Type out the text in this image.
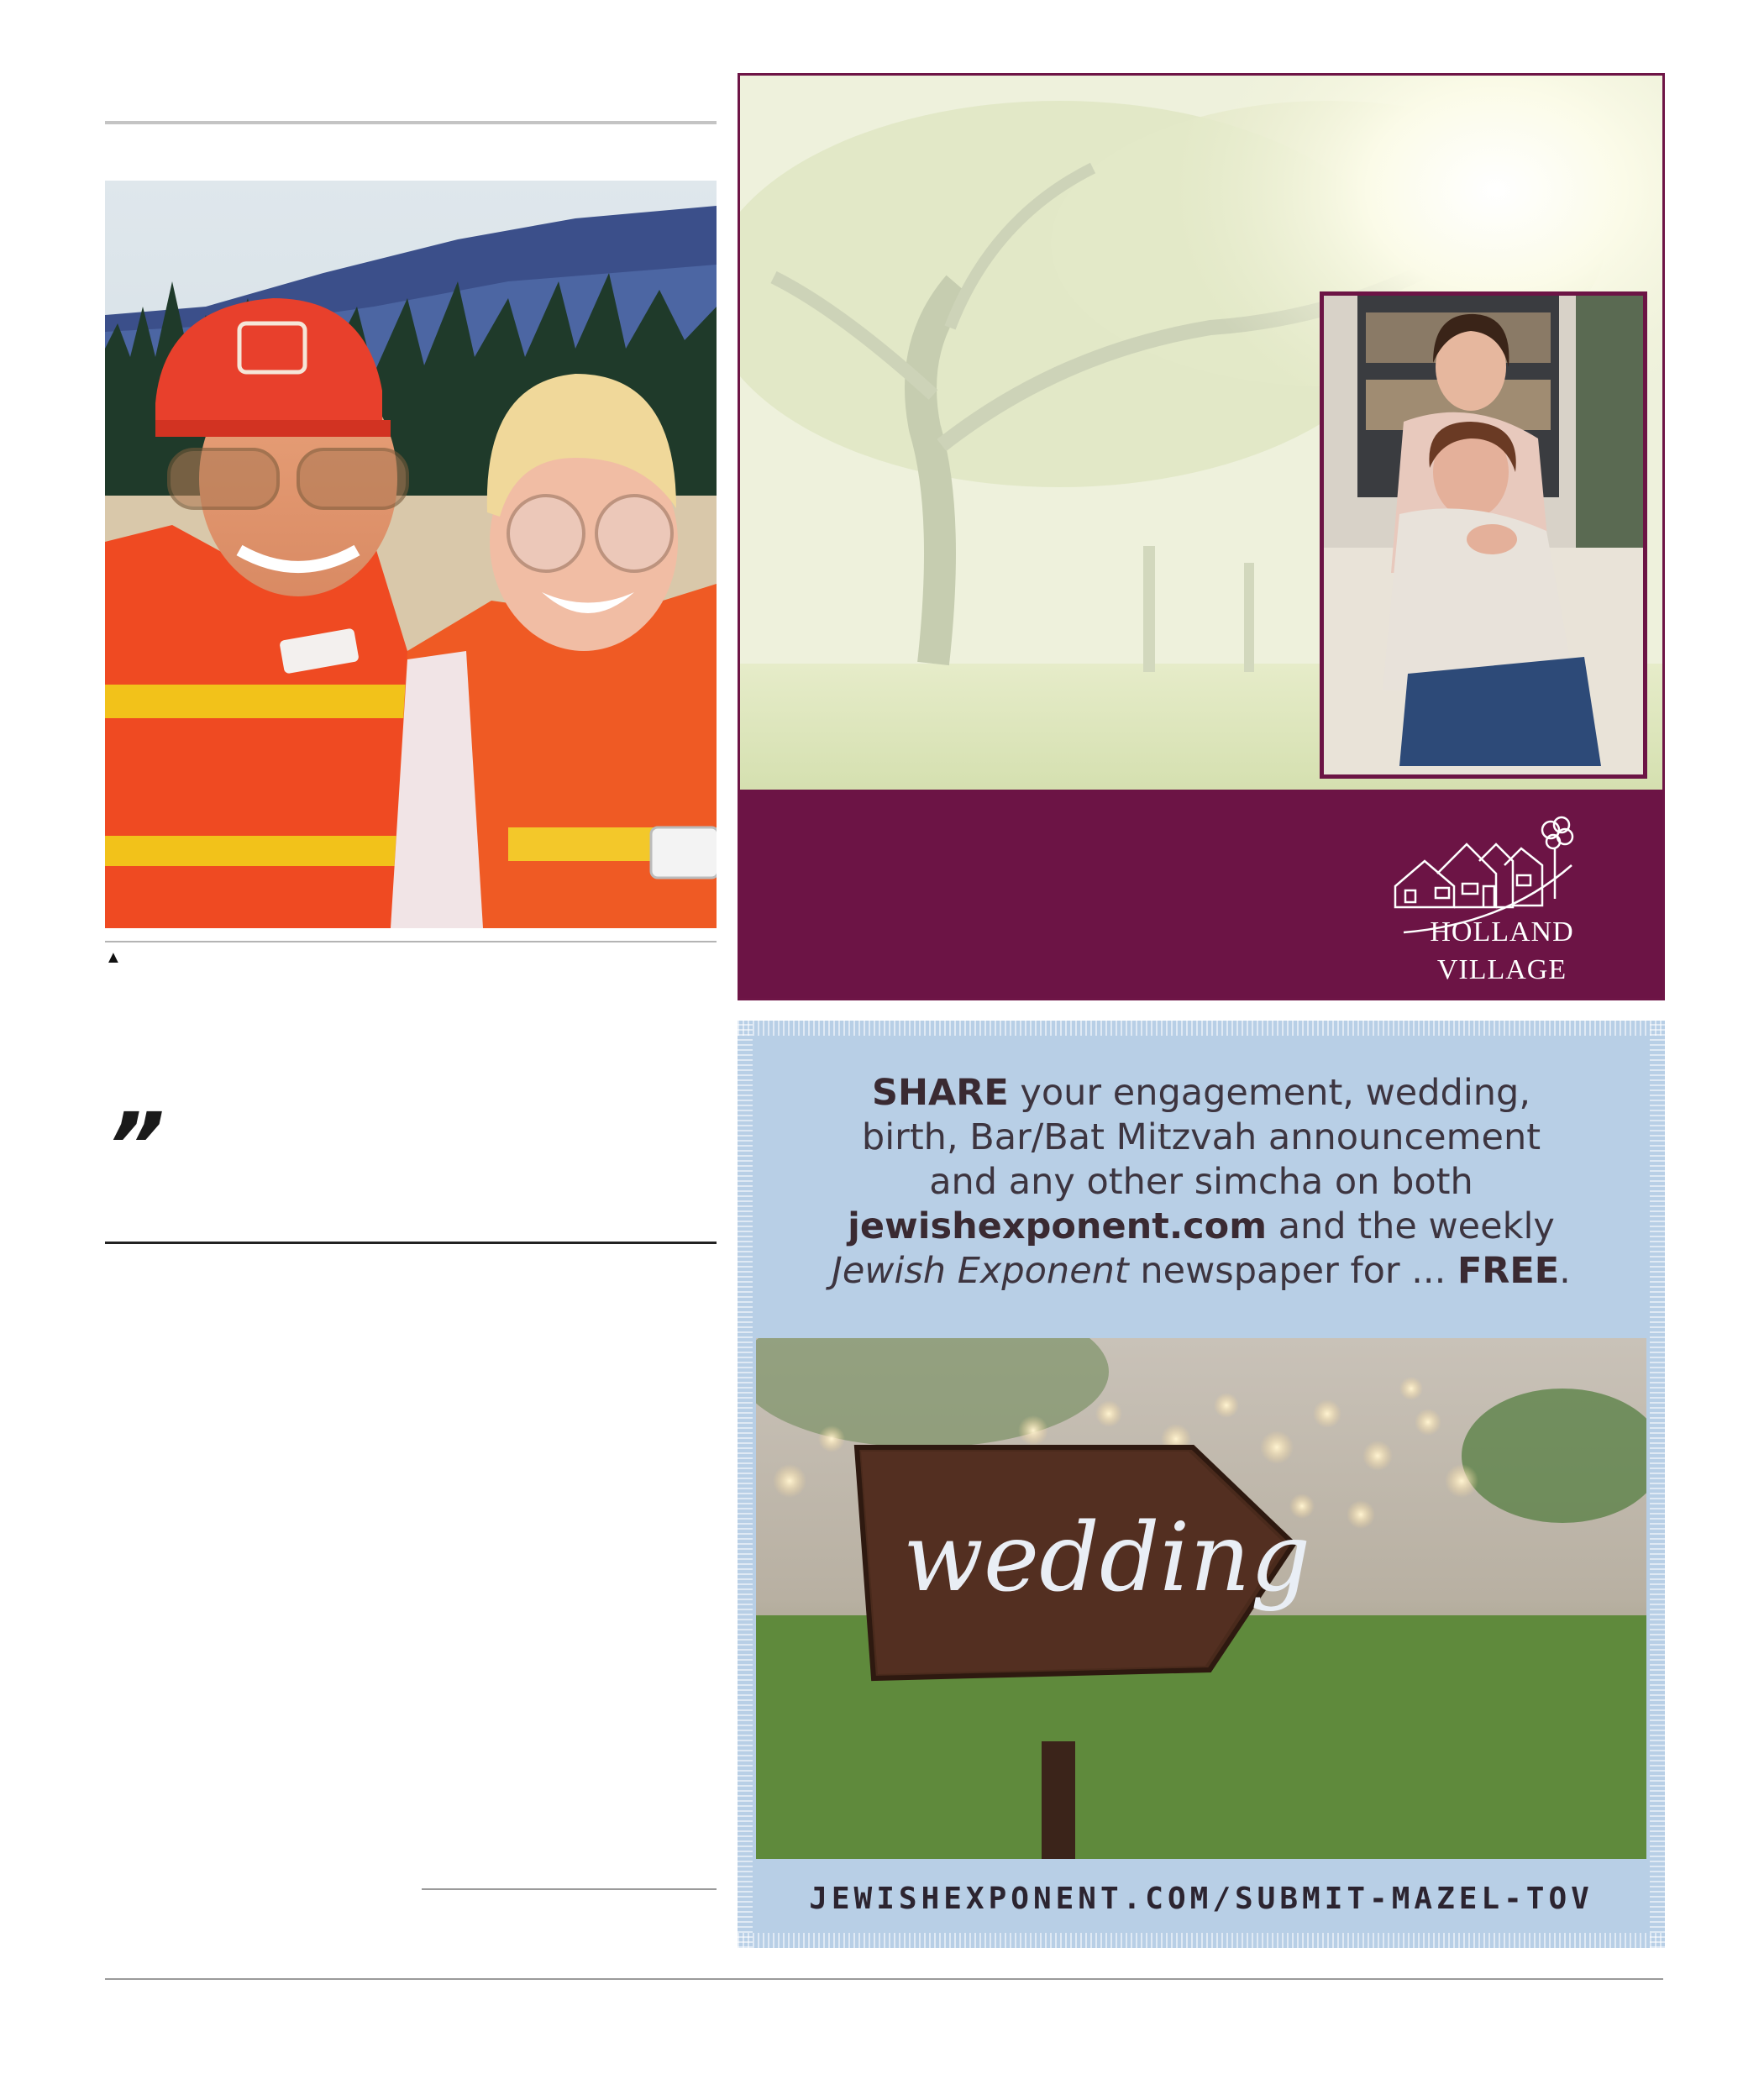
▲
”
HOLLAND
VILLAGE
SHARE your engagement, wedding,
birth, Bar/Bat Mitzvah announcement
and any other simcha on both
jewishexponent.com and the weekly
Jewish Exponent newspaper for ... FREE.
wedding
JEWISHEXPONENT.COM/SUBMIT-MAZEL-TOV
